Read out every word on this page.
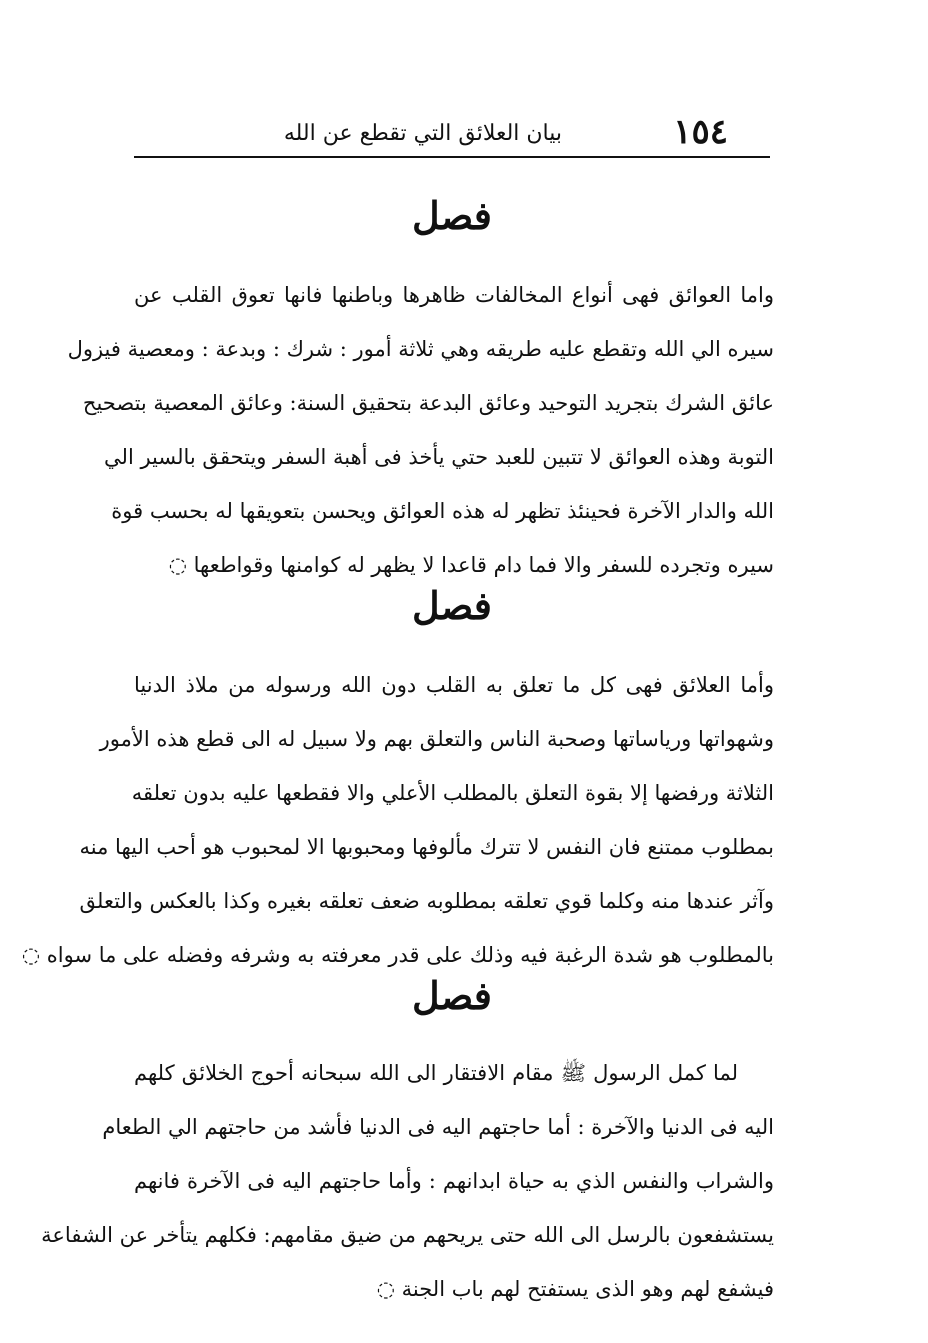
١٥٤
بيان العلائق التي تقطع عن الله
فصل
واما العوائق فهى أنواع المخالفات ظاهرها وباطنها فانها تعوق القلب عن
سيره الي الله وتقطع عليه طريقه وهي ثلاثة أمور : شرك : وبدعة : ومعصية فيزول
عائق الشرك بتجريد التوحيد وعائق البدعة بتحقيق السنة: وعائق المعصية بتصحيح
التوبة وهذه العوائق لا تتبين للعبد حتي يأخذ فى أهبة السفر ويتحقق بالسير الي
الله والدار الآخرة فحينئذ تظهر له هذه العوائق ويحسن بتعويقها له بحسب قوة
سيره وتجرده للسفر والا فما دام قاعدا لا يظهر له كوامنها وقواطعها ◌
فصل
وأما العلائق فهى كل ما تعلق به القلب دون الله ورسوله من ملاذ الدنيا
وشهواتها ورياساتها وصحبة الناس والتعلق بهم ولا سبيل له الى قطع هذه الأمور
الثلاثة ورفضها إلا بقوة التعلق بالمطلب الأعلي والا فقطعها عليه بدون تعلقه
بمطلوب ممتنع فان النفس لا تترك مألوفها ومحبوبها الا لمحبوب هو أحب اليها منه
وآثر عندها منه وكلما قوي تعلقه بمطلوبه ضعف تعلقه بغيره وكذا بالعكس والتعلق
بالمطلوب هو شدة الرغبة فيه وذلك على قدر معرفته به وشرفه وفضله على ما سواه ◌
فصل
لما كمل الرسول ﷺ مقام الافتقار الى الله سبحانه أحوج الخلائق كلهم
اليه فى الدنيا والآخرة : أما حاجتهم اليه فى الدنيا فأشد من حاجتهم الي الطعام
والشراب والنفس الذي به حياة ابدانهم : وأما حاجتهم اليه فى الآخرة فانهم
يستشفعون بالرسل الى الله حتى يريحهم من ضيق مقامهم: فكلهم يتأخر عن الشفاعة
فيشفع لهم وهو الذى يستفتح لهم باب الجنة ◌
